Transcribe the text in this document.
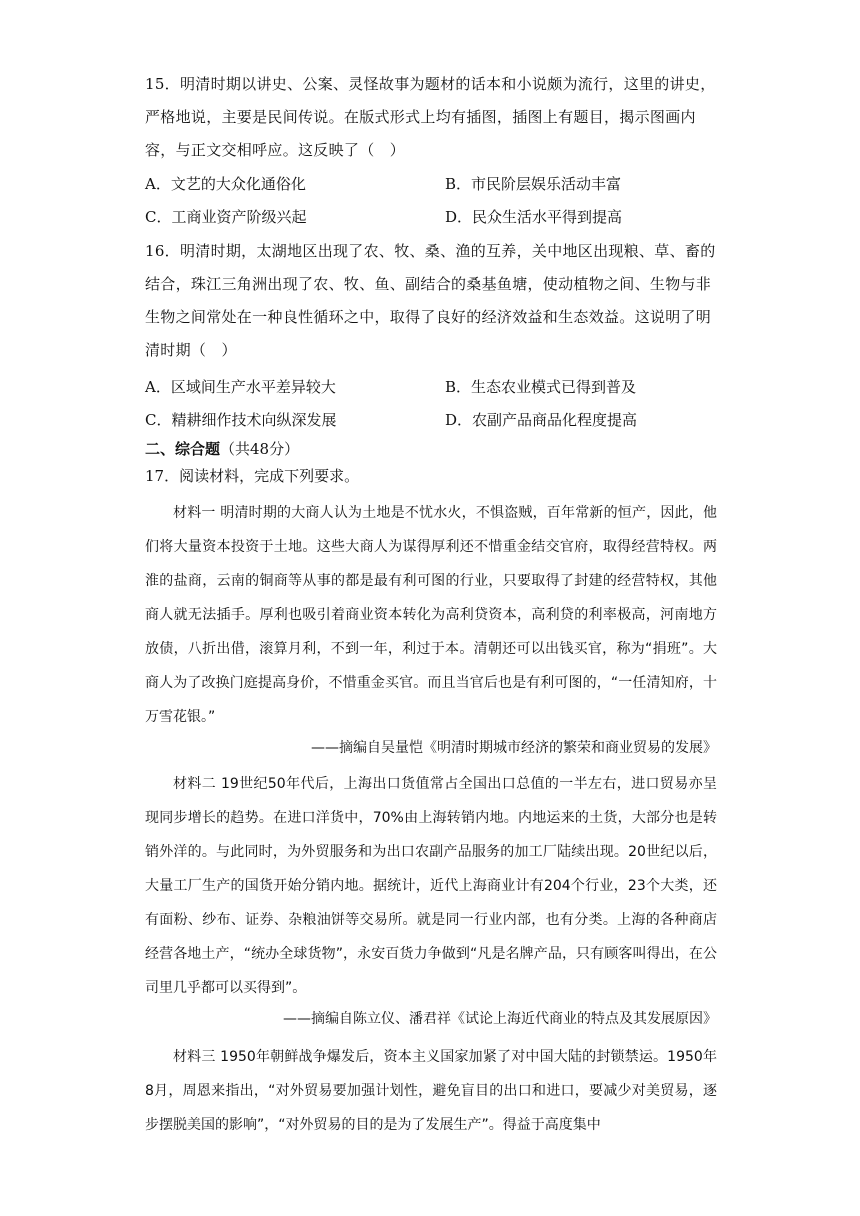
15．明清时期以讲史、公案、灵怪故事为题材的话本和小说颇为流行，这里的讲史，严格地说，主要是民间传说。在版式形式上均有插图，插图上有题目，揭示图画内容，与正文交相呼应。这反映了（　）
A．文艺的大众化通俗化	B．市民阶层娱乐活动丰富
C．工商业资产阶级兴起	D．民众生活水平得到提高
16．明清时期，太湖地区出现了农、牧、桑、渔的互养，关中地区出现粮、草、畜的结合，珠江三角洲出现了农、牧、鱼、副结合的桑基鱼塘，使动植物之间、生物与非生物之间常处在一种良性循环之中，取得了良好的经济效益和生态效益。这说明了明清时期（　）
A．区域间生产水平差异较大	B．生态农业模式已得到普及
C．精耕细作技术向纵深发展	D．农副产品商品化程度提高
二、综合题（共48分）
17．阅读材料，完成下列要求。
材料一 明清时期的大商人认为土地是不忧水火，不惧盗贼，百年常新的恒产，因此，他们将大量资本投资于土地。这些大商人为谋得厚利还不惜重金结交官府，取得经营特权。两淮的盐商，云南的铜商等从事的都是最有利可图的行业，只要取得了封建的经营特权，其他商人就无法插手。厚利也吸引着商业资本转化为高利贷资本，高利贷的利率极高，河南地方放债，八折出借，滚算月利，不到一年，利过于本。清朝还可以出钱买官，称为“捐班”。大商人为了改换门庭提高身价，不惜重金买官。而且当官后也是有利可图的，“一任清知府，十万雪花银。”
——摘编自吴量恺《明清时期城市经济的繁荣和商业贸易的发展》
材料二 19世纪50年代后，上海出口货值常占全国出口总值的一半左右，进口贸易亦呈现同步增长的趋势。在进口洋货中，70%由上海转销内地。内地运来的土货，大部分也是转销外洋的。与此同时，为外贸服务和为出口农副产品服务的加工厂陆续出现。20世纪以后，大量工厂生产的国货开始分销内地。据统计，近代上海商业计有204个行业，23个大类，还有面粉、纱布、证券、杂粮油饼等交易所。就是同一行业内部，也有分类。上海的各种商店经营各地土产，“统办全球货物”，永安百货力争做到“凡是名牌产品，只有顾客叫得出，在公司里几乎都可以买得到”。
——摘编自陈立仪、潘君祥《试论上海近代商业的特点及其发展原因》
材料三 1950年朝鲜战争爆发后，资本主义国家加紧了对中国大陆的封锁禁运。1950年8月，周恩来指出，“对外贸易要加强计划性，避免盲目的出口和进口，要减少对美贸易，逐步摆脱美国的影响”，“对外贸易的目的是为了发展生产”。得益于高度集中
